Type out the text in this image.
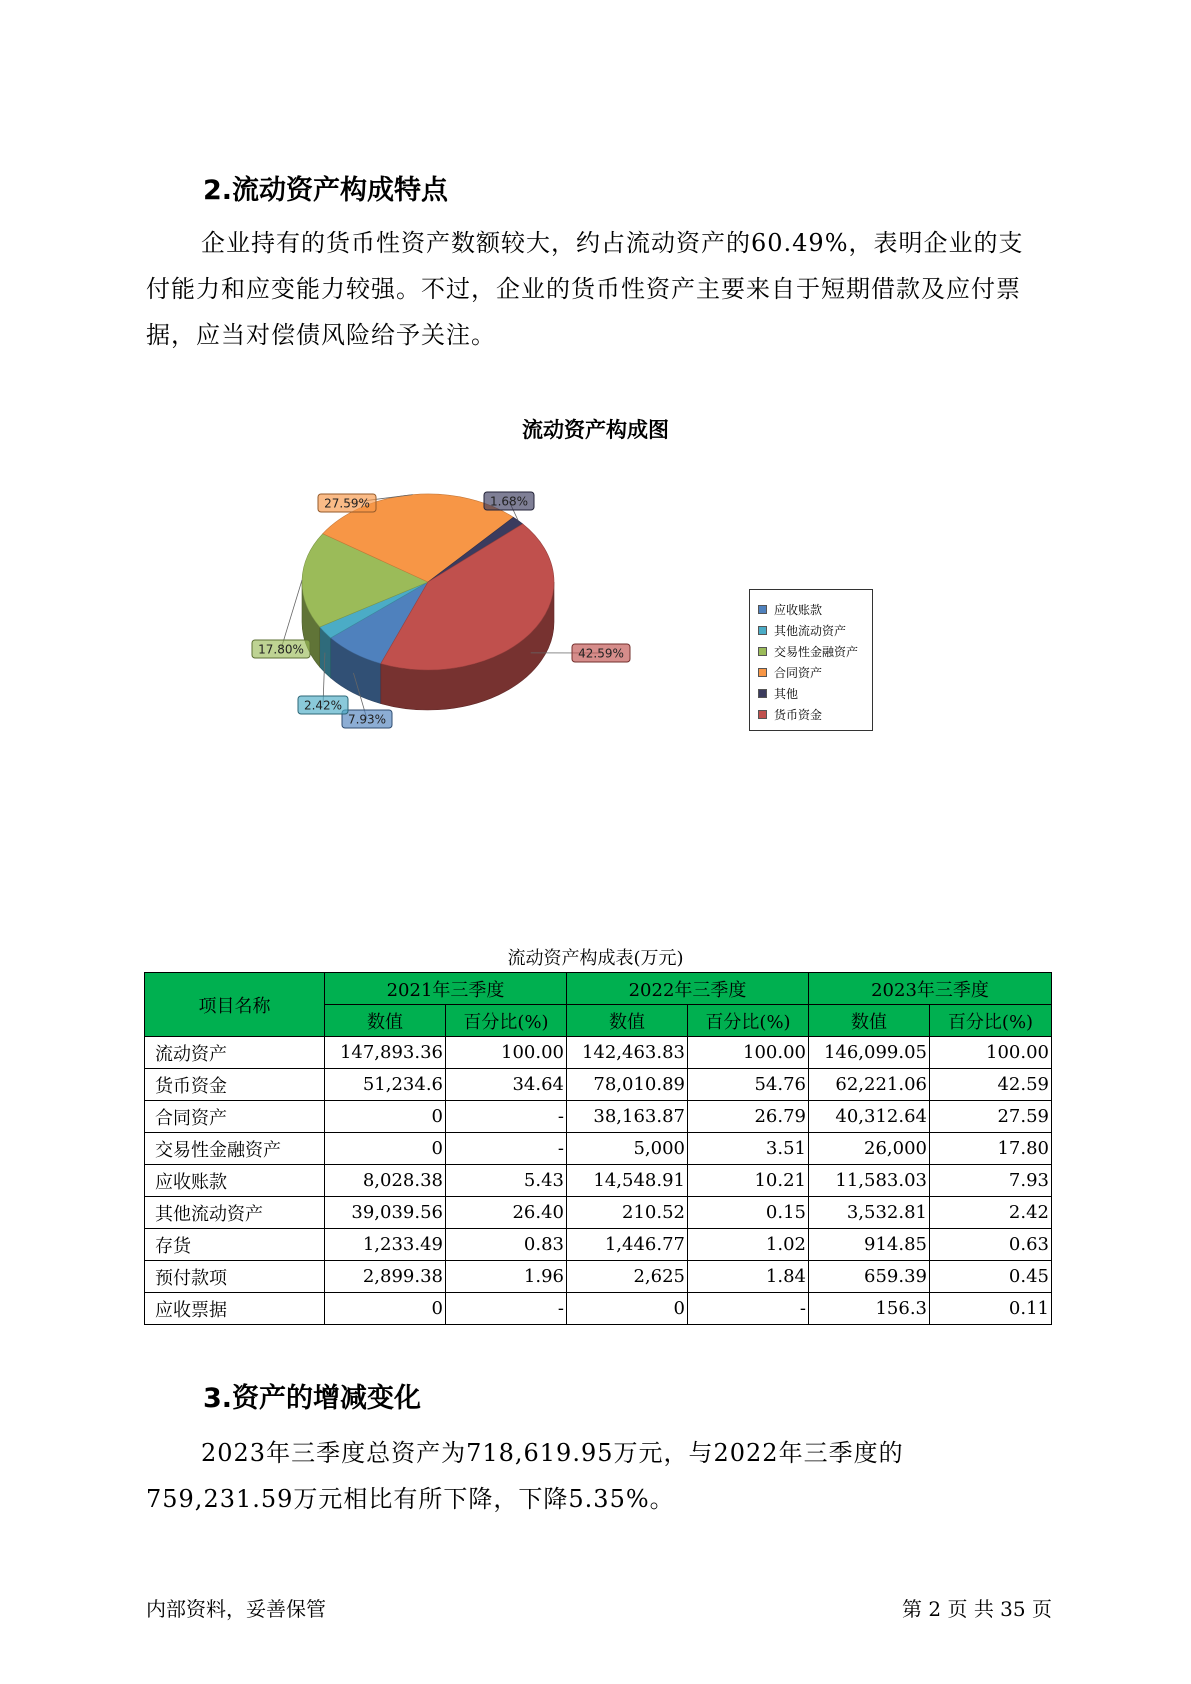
2.流动资产构成特点

企业持有的货币性资产数额较大，约占流动资产的60.49%，表明企业的支付能力和应变能力较强。不过，企业的货币性资产主要来自于短期借款及应付票据，应当对偿债风险给予关注。

流动资产构成图
7.93%
2.42%
17.80%
27.59%	1.68%
42.59%
应收账款
其他流动资产
交易性金融资产
合同资产
其他
货币资金
流动资产构成表(万元)
项目名称	2021年三季度		2022年三季度		2023年三季度	
	数值	百分比(%)	数值	百分比(%)	数值	百分比(%)
流动资产	147,893.36	100.00	142,463.83	100.00	146,099.05	100.00
货币资金	51,234.6	34.64	78,010.89	54.76	62,221.06	42.59
合同资产	0	-	38,163.87	26.79	40,312.64	27.59
交易性金融资产	0	-	5,000	3.51	26,000	17.80
应收账款	8,028.38	5.43	14,548.91	10.21	11,583.03	7.93
其他流动资产	39,039.56	26.40	210.52	0.15	3,532.81	2.42
存货	1,233.49	0.83	1,446.77	1.02	914.85	0.63
预付款项	2,899.38	1.96	2,625	1.84	659.39	0.45
应收票据	0	-	0	-	156.3	0.11
3.资产的增减变化

2023年三季度总资产为718,619.95万元，与2022年三季度的759,231.59万元相比有所下降，下降5.35%。

内部资料，妥善保管	第 2 页 共 35 页
